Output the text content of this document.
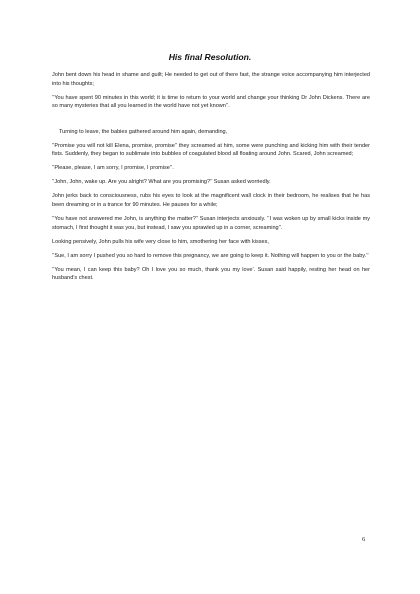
His final Resolution.

John bent down his head in shame and guilt; He needed to get out of there fast, the strange voice accompanying him interjected into his thoughts;

‘‘You have spent 90 minutes in this world; it is time to return to your world and change your thinking Dr John Dickens. There are so many mysteries that all you learned in the world have not yet known’’.

Turning to leave, the babies gathered around him again, demanding,

‘‘Promise you will not kill Elena, promise, promise’’ they screamed at him, some were punching and kicking him with their tender fists. Suddenly, they began to sublimate into bubbles of coagulated blood all floating around John. Scared, John screamed;

‘‘Please, please, I am sorry, I promise, I promise’’.

‘‘John, John, wake up. Are you alright? What are you promising?’’ Susan asked worriedly.

John jerks back to consciousness, rubs his eyes to look at the magnificent wall clock in their bedroom, he realises that he has been dreaming or in a trance for 90 minutes. He pauses for a while;

‘‘You have not answered me John, is anything the matter?’’ Susan interjects anxiously. ‘‘I was woken up by small kicks inside my stomach, I first thought it was you, but instead, I saw you sprawled up in a corner, screaming’’.

Looking pensively, John pulls his wife very close to him, smothering her face with kisses,

‘‘Sue, I am sorry I pushed you so hard to remove this pregnancy, we are going to keep it. Nothing will happen to you or the baby.’’

‘‘You mean, I can keep this baby? Oh I love you so much, thank you my love’. Susan said happily, resting her head on her husband’s chest.

6
